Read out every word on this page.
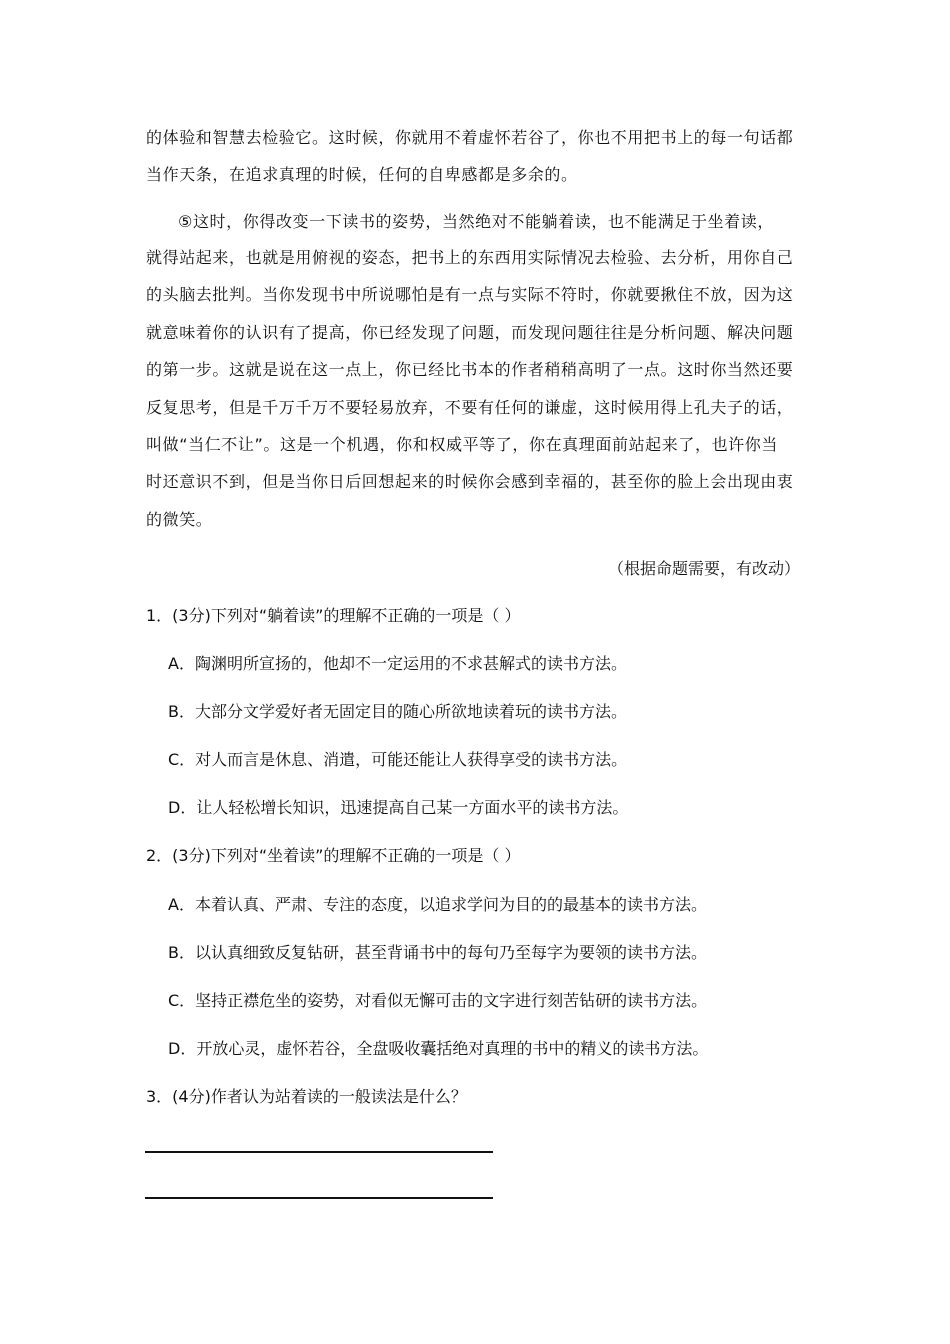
的体验和智慧去检验它。这时候，你就用不着虚怀若谷了，你也不用把书上的每一句话都
当作天条，在追求真理的时候，任何的自卑感都是多余的。
⑤这时，你得改变一下读书的姿势，当然绝对不能躺着读，也不能满足于坐着读，
就得站起来，也就是用俯视的姿态，把书上的东西用实际情况去检验、去分析，用你自己
的头脑去批判。当你发现书中所说哪怕是有一点与实际不符时，你就要揪住不放，因为这
就意味着你的认识有了提高，你已经发现了问题，而发现问题往往是分析问题、解决问题
的第一步。这就是说在这一点上，你已经比书本的作者稍稍高明了一点。这时你当然还要
反复思考，但是千万千万不要轻易放弃，不要有任何的谦虚，这时候用得上孔夫子的话，
叫做“当仁不让”。这是一个机遇，你和权威平等了，你在真理面前站起来了，也许你当
时还意识不到，但是当你日后回想起来的时候你会感到幸福的，甚至你的脸上会出现由衷
的微笑。
（根据命题需要，有改动）
1．(3分)下列对“躺着读”的理解不正确的一项是（ ）
A．陶渊明所宣扬的，他却不一定运用的不求甚解式的读书方法。
B．大部分文学爱好者无固定目的随心所欲地读着玩的读书方法。
C．对人而言是休息、消遣，可能还能让人获得享受的读书方法。
D．让人轻松增长知识，迅速提高自己某一方面水平的读书方法。
2．(3分)下列对“坐着读”的理解不正确的一项是（ ）
A．本着认真、严肃、专注的态度，以追求学问为目的的最基本的读书方法。
B．以认真细致反复钻研，甚至背诵书中的每句乃至每字为要领的读书方法。
C．坚持正襟危坐的姿势，对看似无懈可击的文字进行刻苦钻研的读书方法。
D．开放心灵，虚怀若谷，全盘吸收囊括绝对真理的书中的精义的读书方法。
3．(4分)作者认为站着读的一般读法是什么？
